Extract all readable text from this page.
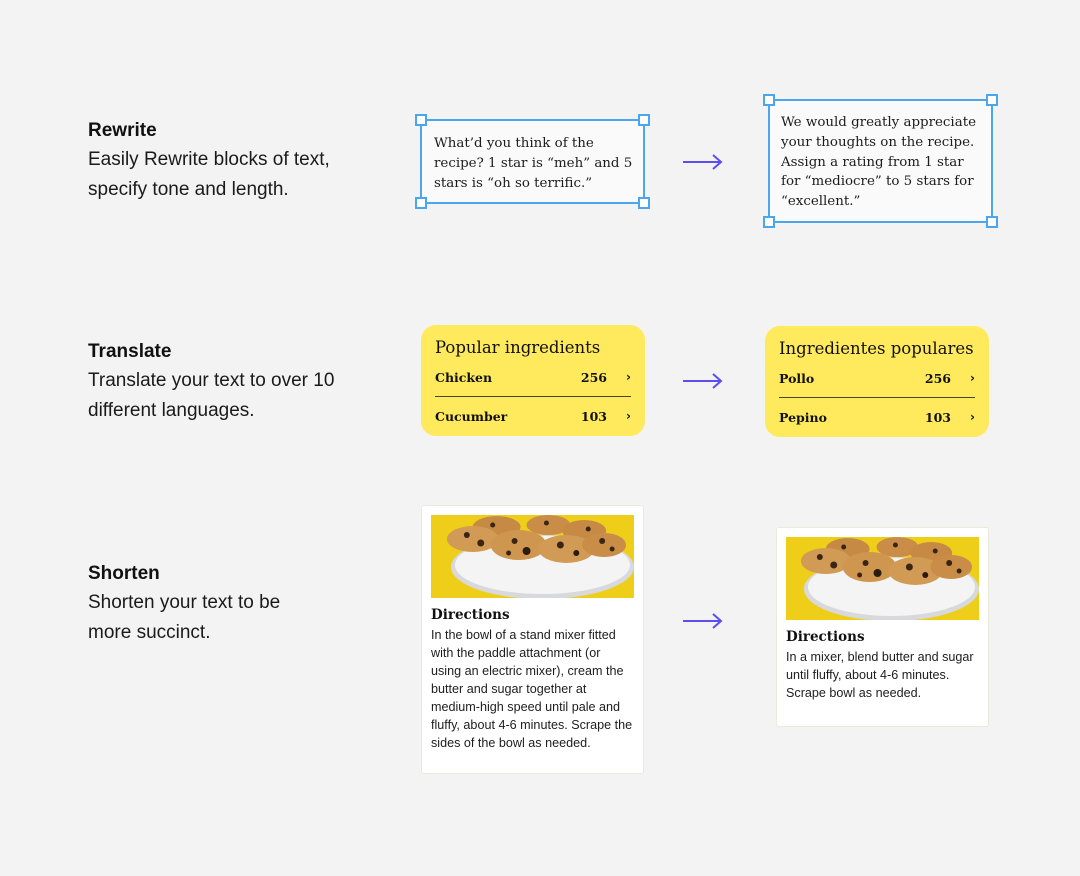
Rewrite

Easily Rewrite blocks of text, specify tone and length.

Translate

Translate your text to over 10 different languages.

Shorten

Shorten your text to be more succinct.

What’d you think of the recipe? 1 star is “meh” and 5 stars is “oh so terrific.”
We would greatly appreciate your thoughts on the recipe. Assign a rating from 1 star for “mediocre” to 5 stars for “excellent.”
Popular ingredients
Chicken	256	›
Cucumber	103	›
Ingredientes populares
Pollo	256	›
Pepino	103	›
Directions
In the bowl of a stand mixer fitted with the paddle attachment (or using an electric mixer), cream the butter and sugar together at medium-high speed until pale and fluffy, about 4-6 minutes. Scrape the sides of the bowl as needed.
Directions
In a mixer, blend butter and sugar until fluffy, about 4-6 minutes. Scrape bowl as needed.
